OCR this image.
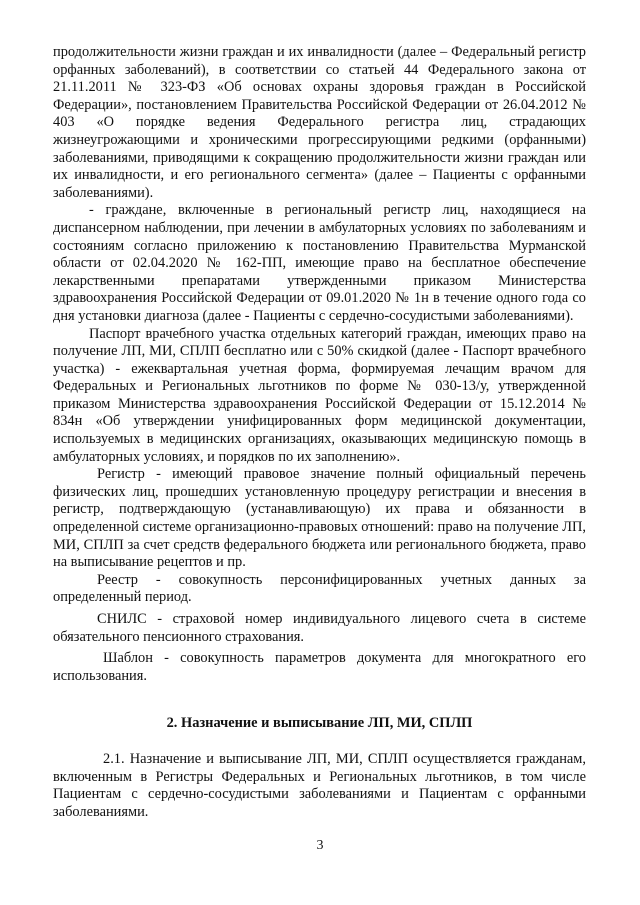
продолжительности жизни граждан и их инвалидности (далее – Федеральный регистр орфанных заболеваний), в соответствии со статьей 44 Федерального закона от 21.11.2011 № 323-ФЗ «Об основах охраны здоровья граждан в Российской Федерации», постановлением Правительства Российской Федерации от 26.04.2012 № 403 «О порядке ведения Федерального регистра лиц, страдающих жизнеугрожающими и хроническими прогрессирующими редкими (орфанными) заболеваниями, приводящими к сокращению продолжительности жизни граждан или их инвалидности, и его регионального сегмента» (далее – Пациенты с орфанными заболеваниями).

- граждане, включенные в региональный регистр лиц, находящиеся на диспансерном наблюдении, при лечении в амбулаторных условиях по заболеваниям и состояниям согласно приложению к постановлению Правительства Мурманской области от 02.04.2020 № 162-ПП, имеющие право на бесплатное обеспечение лекарственными препаратами утвержденными приказом Министерства здравоохранения Российской Федерации от 09.01.2020 № 1н в течение одного года со дня установки диагноза (далее - Пациенты с сердечно-сосудистыми заболеваниями).

Паспорт врачебного участка отдельных категорий граждан, имеющих право на получение ЛП, МИ, СПЛП бесплатно или с 50% скидкой (далее - Паспорт врачебного участка) - ежеквартальная учетная форма, формируемая лечащим врачом для Федеральных и Региональных льготников по форме № 030-13/у, утвержденной приказом Министерства здравоохранения Российской Федерации от 15.12.2014 № 834н «Об утверждении унифицированных форм медицинской документации, используемых в медицинских организациях, оказывающих медицинскую помощь в амбулаторных условиях, и порядков по их заполнению».

Регистр - имеющий правовое значение полный официальный перечень физических лиц, прошедших установленную процедуру регистрации и внесения в регистр, подтверждающую (устанавливающую) их права и обязанности в определенной системе организационно-правовых отношений: право на получение ЛП, МИ, СПЛП за счет средств федерального бюджета или регионального бюджета, право на выписывание рецептов и пр.

Реестр - совокупность персонифицированных учетных данных за определенный период.

СНИЛС - страховой номер индивидуального лицевого счета в системе обязательного пенсионного страхования.

Шаблон - совокупность параметров документа для многократного его использования.

2. Назначение и выписывание ЛП, МИ, СПЛП

2.1. Назначение и выписывание ЛП, МИ, СПЛП осуществляется гражданам, включенным в Регистры Федеральных и Региональных льготников, в том числе Пациентам с сердечно-сосудистыми заболеваниями и Пациентам с орфанными заболеваниями.

3
